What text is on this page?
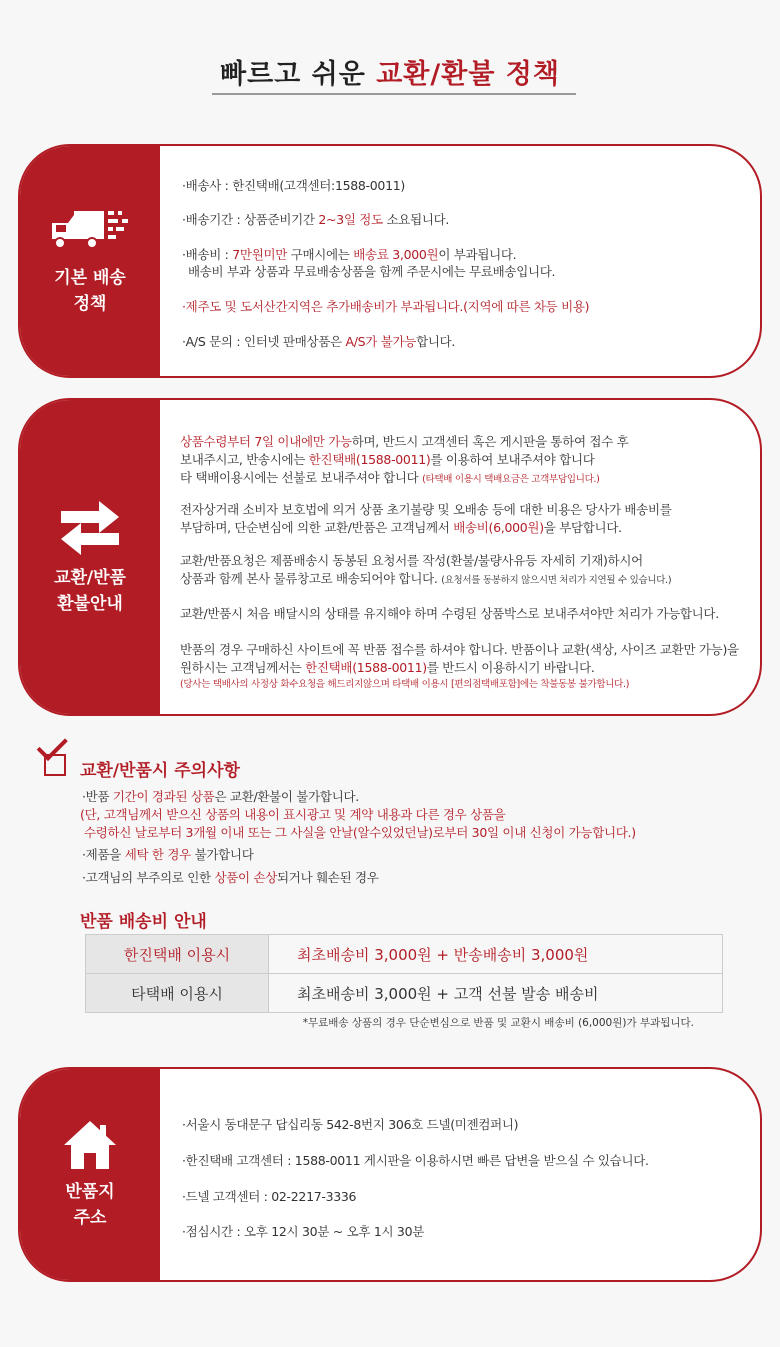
빠르고 쉬운 교환/환불 정책
기본 배송
정책
·배송사 : 한진택배(고객센터:1588-0011)
·배송기간 : 상품준비기간 2~3일 정도 소요됩니다.
·배송비 : 7만원미만 구매시에는 배송료 3,000원이 부과됩니다.
배송비 부과 상품과 무료배송상품을 함께 주문시에는 무료배송입니다.
·제주도 및 도서산간지역은 추가배송비가 부과됩니다.(지역에 따른 차등 비용)
·A/S 문의 : 인터넷 판매상품은 A/S가 불가능합니다.
교환/반품
환불안내
상품수령부터 7일 이내에만 가능하며, 반드시 고객센터 혹은 게시판을 통하여 접수 후
보내주시고, 반송시에는 한진택배(1588-0011)를 이용하여 보내주셔야 합니다
타 택배이용시에는 선불로 보내주셔야 합니다 (타택배 이용시 택배요금은 고객부담입니다.)
전자상거래 소비자 보호법에 의거 상품 초기불량 및 오배송 등에 대한 비용은 당사가 배송비를
부담하며, 단순변심에 의한 교환/반품은 고객님께서 배송비(6,000원)을 부담합니다.
교환/반품요청은 제품배송시 동봉된 요청서를 작성(환불/불량사유등 자세히 기재)하시어
상품과 함께 본사 물류창고로 배송되어야 합니다. (요청서를 동봉하지 않으시면 처리가 지연될 수 있습니다.)
교환/반품시 처음 배달시의 상태를 유지해야 하며 수령된 상품박스로 보내주셔야만 처리가 가능합니다.
반품의 경우 구매하신 사이트에 꼭 반품 접수를 하셔야 합니다. 반품이나 교환(색상, 사이즈 교환만 가능)을
원하시는 고객님께서는 한진택배(1588-0011)를 반드시 이용하시기 바랍니다.
(당사는 택배사의 사정상 화수요청을 해드리지않으며 타택배 이용시 [편의점택배포함]에는 착불동봉 불가합니다.)
교환/반품시 주의사항
·반품 기간이 경과된 상품은 교환/환불이 불가합니다.
(단, 고객님께서 받으신 상품의 내용이 표시광고 및 계약 내용과 다른 경우 상품을
수령하신 날로부터 3개월 이내 또는 그 사실을 안날(알수있었던날)로부터 30일 이내 신청이 가능합니다.)
·제품을 세탁 한 경우 불가합니다
·고객님의 부주의로 인한 상품이 손상되거나 훼손된 경우
반품 배송비 안내
한진택배 이용시	최초배송비 3,000원 + 반송배송비 3,000원
타택배 이용시	최초배송비 3,000원 + 고객 선불 발송 배송비
*무료배송 상품의 경우 단순변심으로 반품 및 교환시 배송비 (6,000원)가 부과됩니다.
반품지
주소
·서울시 동대문구 답십리동 542-8번지 306호 드넬(미젠컴퍼니)
·한진택배 고객센터 : 1588-0011 게시판을 이용하시면 빠른 답변을 받으실 수 있습니다.
·드넬 고객센터 : 02-2217-3336
·점심시간 : 오후 12시 30분 ~ 오후 1시 30분
